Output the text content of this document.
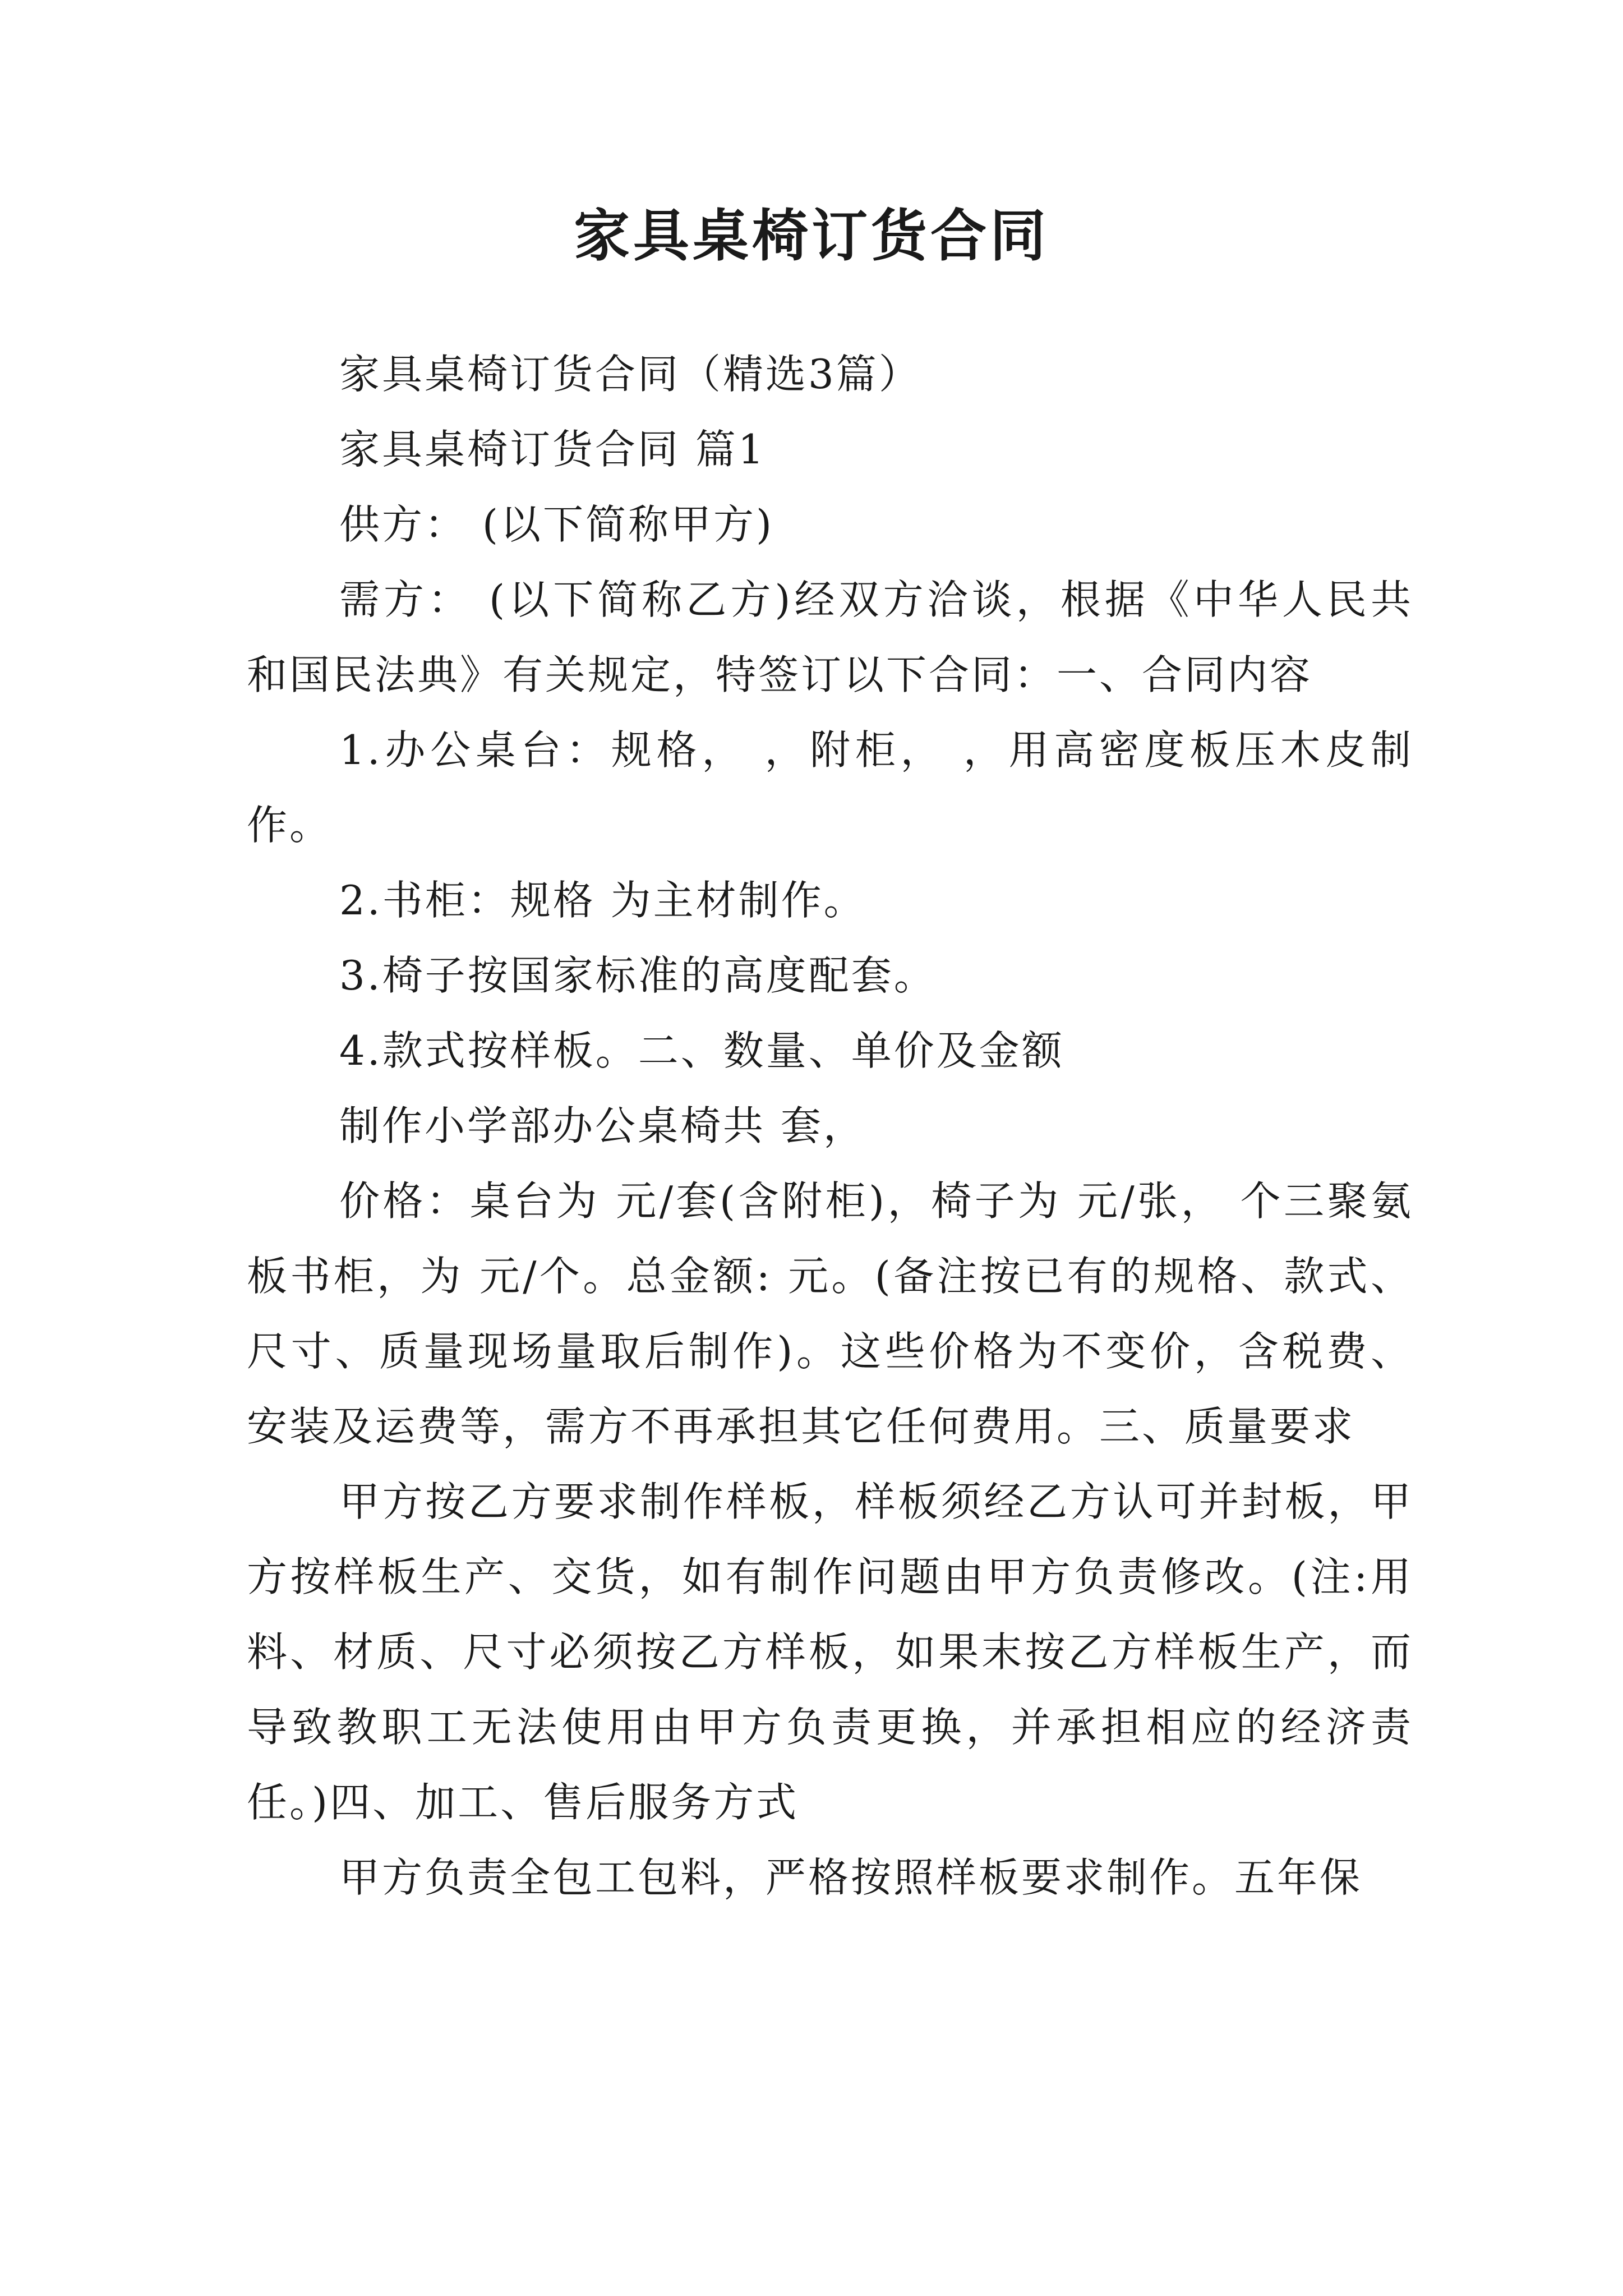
家具桌椅订货合同

家具桌椅订货合同（精选3篇）

家具桌椅订货合同 篇1

供方： (以下简称甲方)

需方： (以下简称乙方)经双方洽谈，根据《中华人民共和国民法典》有关规定，特签订以下合同：一、合同内容

1.办公桌台：规格， ，附柜， ，用高密度板压木皮制作。

2.书柜：规格 为主材制作。

3.椅子按国家标准的高度配套。

4.款式按样板。二、数量、单价及金额

制作小学部办公桌椅共 套，

价格：桌台为 元/套(含附柜)，椅子为 元/张， 个三聚氨板书柜，为 元/个。总金额: 元。(备注按已有的规格、款式、尺寸、质量现场量取后制作)。这些价格为不变价，含税费、安装及运费等，需方不再承担其它任何费用。三、质量要求

甲方按乙方要求制作样板，样板须经乙方认可并封板，甲方按样板生产、交货，如有制作问题由甲方负责修改。(注:用料、材质、尺寸必须按乙方样板，如果末按乙方样板生产，而导致教职工无法使用由甲方负责更换，并承担相应的经济责任。)四、加工、售后服务方式

甲方负责全包工包料，严格按照样板要求制作。五年保
